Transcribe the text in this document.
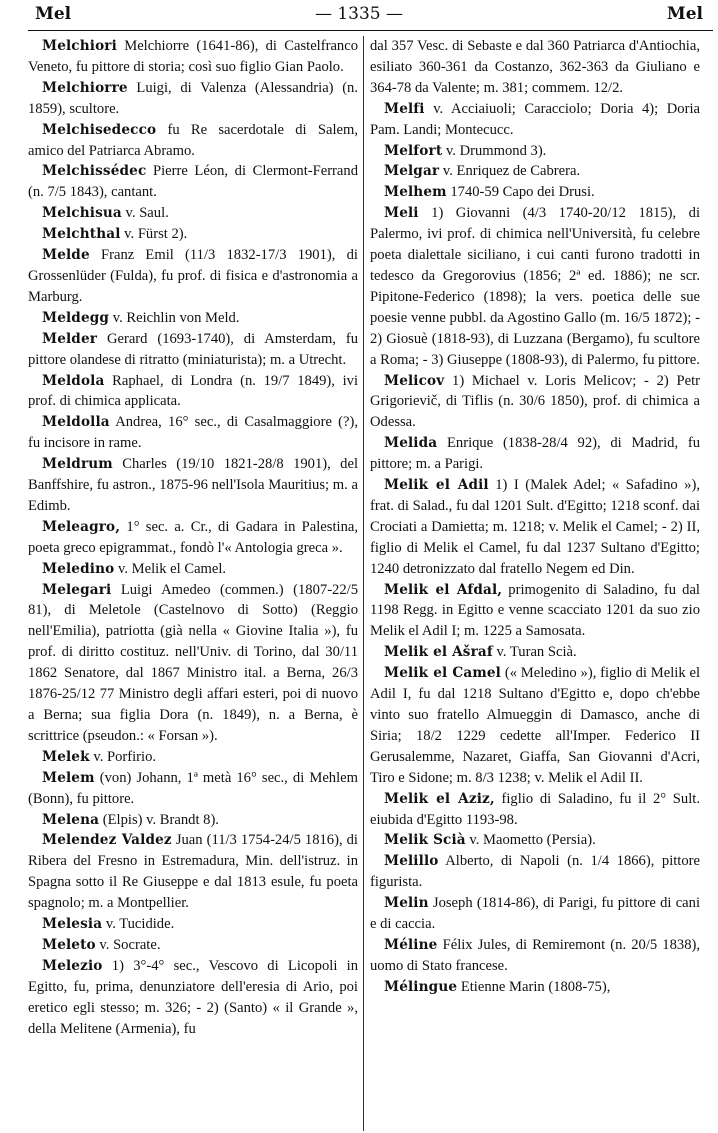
Mel	— 1335 —	Mel

Melchiori Melchiorre (1641-86), di Castelfranco Veneto, fu pittore di storia; così suo figlio Gian Paolo.

Melchiorre Luigi, di Valenza (Alessandria) (n. 1859), scultore.

Melchisedecco fu Re sacerdotale di Salem, amico del Patriarca Abramo.

Melchissédec Pierre Léon, di Clermont-Ferrand (n. 7/5 1843), cantant.

Melchisua v. Saul.

Melchthal v. Fürst 2).

Melde Franz Emil (11/3 1832-17/3 1901), di Grossenlüder (Fulda), fu prof. di fisica e d'astronomia a Marburg.

Meldegg v. Reichlin von Meld.

Melder Gerard (1693-1740), di Amsterdam, fu pittore olandese di ritratto (miniaturista); m. a Utrecht.

Meldola Raphael, di Londra (n. 19/7 1849), ivi prof. di chimica applicata.

Meldolla Andrea, 16° sec., di Casalmaggiore (?), fu incisore in rame.

Meldrum Charles (19/10 1821-28/8 1901), del Banffshire, fu astron., 1875-96 nell'Isola Mauritius; m. a Edimb.

Meleagro, 1° sec. a. Cr., di Gadara in Palestina, poeta greco epigrammat., fondò l'« Antologia greca ».

Meledino v. Melik el Camel.

Melegari Luigi Amedeo (commen.) (1807-22/5 81), di Meletole (Castelnovo di Sotto) (Reggio nell'Emilia), patriotta (già nella « Giovine Italia »), fu prof. di diritto costituz. nell'Univ. di Torino, dal 30/11 1862 Senatore, dal 1867 Ministro ital. a Berna, 26/3 1876-25/12 77 Ministro degli affari esteri, poi di nuovo a Berna; sua figlia Dora (n. 1849), n. a Berna, è scrittrice (pseudon.: « Forsan »).

Melek v. Porfirio.

Melem (von) Johann, 1ª metà 16° sec., di Mehlem (Bonn), fu pittore.

Melena (Elpis) v. Brandt 8).

Melendez Valdez Juan (11/3 1754-24/5 1816), di Ribera del Fresno in Estremadura, Min. dell'istruz. in Spagna sotto il Re Giuseppe e dal 1813 esule, fu poeta spagnolo; m. a Montpellier.

Melesia v. Tucidide.

Meleto v. Socrate.

Melezio 1) 3°-4° sec., Vescovo di Licopoli in Egitto, fu, prima, denunziatore dell'eresia di Ario, poi eretico egli stesso; m. 326; - 2) (Santo) « il Grande », della Melitene (Armenia), fu

dal 357 Vesc. di Sebaste e dal 360 Patriarca d'Antiochia, esiliato 360-361 da Costanzo, 362-363 da Giuliano e 364-78 da Valente; m. 381; commem. 12/2.

Melfi v. Acciaiuoli; Caracciolo; Doria 4); Doria Pam. Landi; Montecucc.

Melfort v. Drummond 3).

Melgar v. Enriquez de Cabrera.

Melhem 1740-59 Capo dei Drusi.

Meli 1) Giovanni (4/3 1740-20/12 1815), di Palermo, ivi prof. di chimica nell'Università, fu celebre poeta dialettale siciliano, i cui canti furono tradotti in tedesco da Gregorovius (1856; 2ª ed. 1886); ne scr. Pipitone-Federico (1898); la vers. poetica delle sue poesie venne pubbl. da Agostino Gallo (m. 16/5 1872); - 2) Giosuè (1818-93), di Luzzana (Bergamo), fu scultore a Roma; - 3) Giuseppe (1808-93), di Palermo, fu pittore.

Melicov 1) Michael v. Loris Melicov; - 2) Petr Grigorievič, di Tiflis (n. 30/6 1850), prof. di chimica a Odessa.

Melida Enrique (1838-28/4 92), di Madrid, fu pittore; m. a Parigi.

Melik el Adil 1) I (Malek Adel; « Safadino »), frat. di Salad., fu dal 1201 Sult. d'Egitto; 1218 sconf. dai Crociati a Damietta; m. 1218; v. Melik el Camel; - 2) II, figlio di Melik el Camel, fu dal 1237 Sultano d'Egitto; 1240 detronizzato dal fratello Negem ed Din.

Melik el Afdal, primogenito di Saladino, fu dal 1198 Regg. in Egitto e venne scacciato 1201 da suo zio Melik el Adil I; m. 1225 a Samosata.

Melik el Ašraf v. Turan Scià.

Melik el Camel (« Meledino »), figlio di Melik el Adil I, fu dal 1218 Sultano d'Egitto e, dopo ch'ebbe vinto suo fratello Almueggin di Damasco, anche di Siria; 18/2 1229 cedette all'Imper. Federico II Gerusalemme, Nazaret, Giaffa, San Giovanni d'Acri, Tiro e Sidone; m. 8/3 1238; v. Melik el Adil II.

Melik el Aziz, figlio di Saladino, fu il 2° Sult. eiubida d'Egitto 1193-98.

Melik Scià v. Maometto (Persia).

Melillo Alberto, di Napoli (n. 1/4 1866), pittore figurista.

Melin Joseph (1814-86), di Parigi, fu pittore di cani e di caccia.

Méline Félix Jules, di Remiremont (n. 20/5 1838), uomo di Stato francese.

Mélingue Etienne Marin (1808-75),
